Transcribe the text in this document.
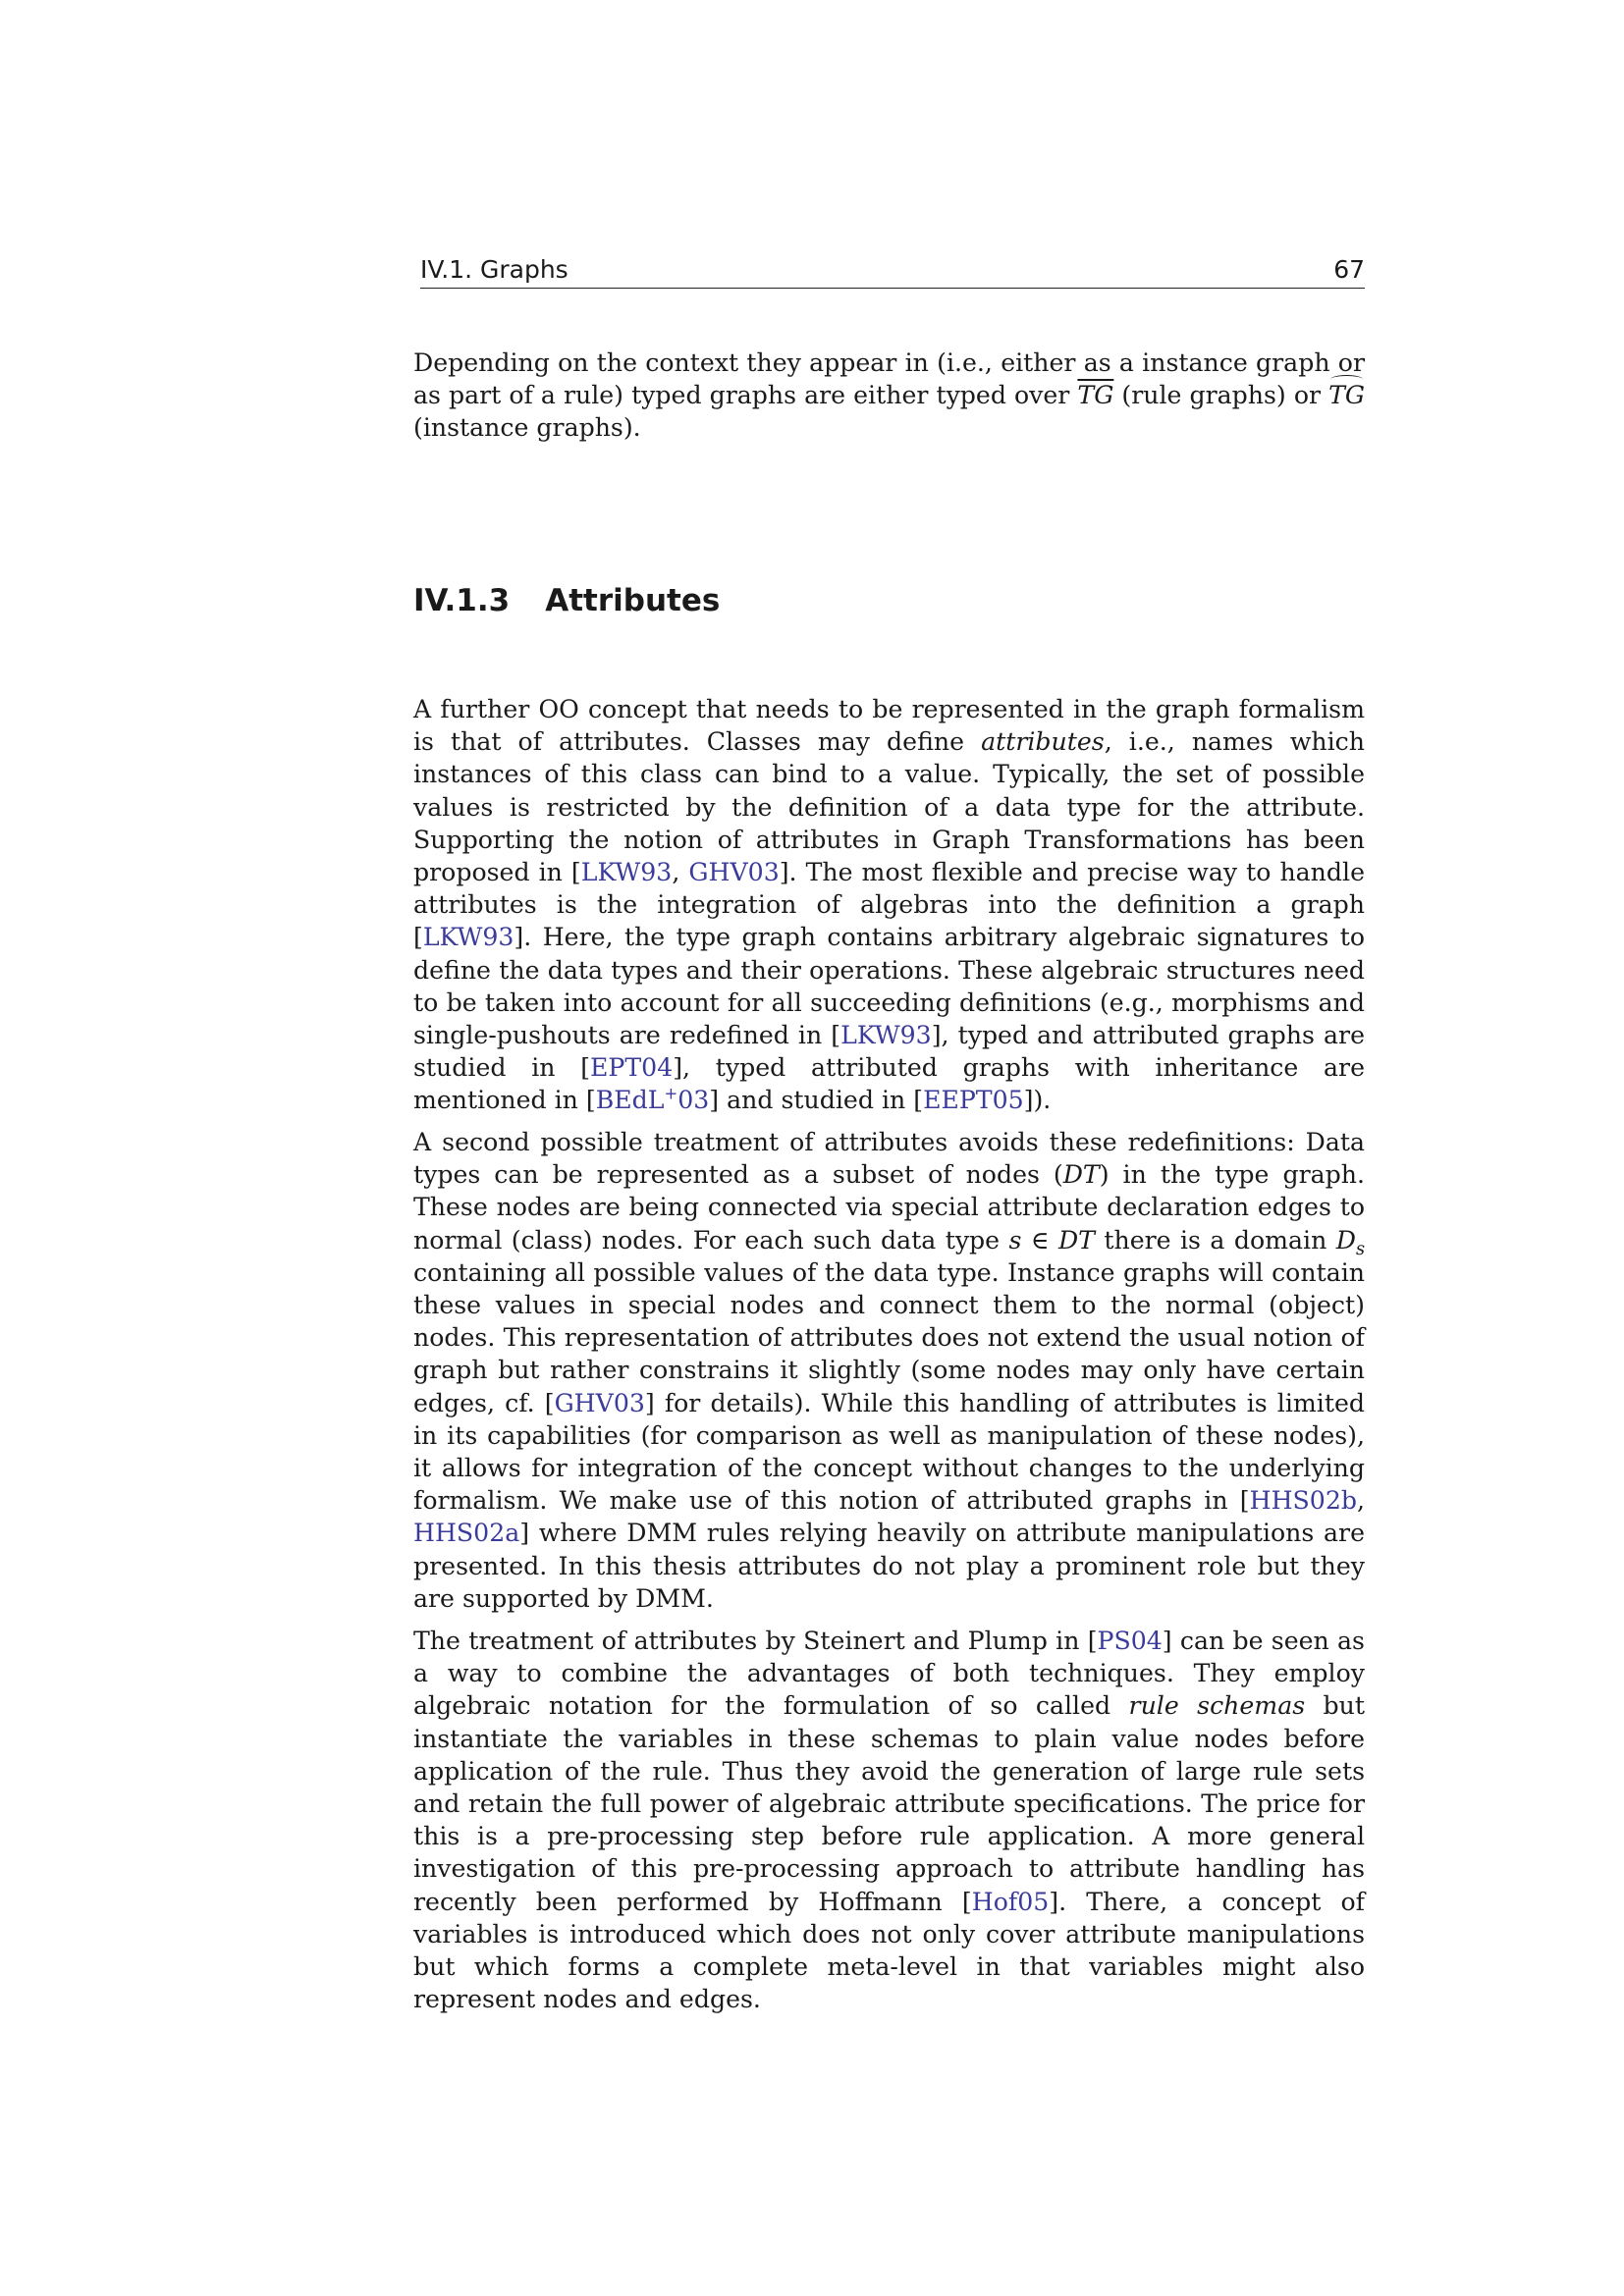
IV.1. Graphs	67

Depending on the context they appear in (i.e., either as a instance graph or as part of a rule) typed graphs are either typed over $\overline{TG}$ (rule graphs) or TG (instance graphs).

IV.1.3 Attributes

A further OO concept that needs to be represented in the graph formalism is that of attributes. Classes may define attributes, i.e., names which instances of this class can bind to a value. Typically, the set of possible values is restricted by the definition of a data type for the attribute. Supporting the notion of attributes in Graph Transformations has been proposed in [LKW93, GHV03]. The most flexible and precise way to handle attributes is the integration of algebras into the definition a graph [LKW93]. Here, the type graph contains arbitrary algebraic signatures to define the data types and their operations. These algebraic structures need to be taken into account for all succeeding definitions (e.g., morphisms and single-pushouts are redefined in [LKW93], typed and attributed graphs are studied in [EPT04], typed attributed graphs with inheritance are mentioned in [BEdL+03] and studied in [EEPT05]).

A second possible treatment of attributes avoids these redefinitions: Data types can be represented as a subset of nodes (DT) in the type graph. These nodes are being connected via special attribute declaration edges to normal (class) nodes. For each such data type s ∈ DT there is a domain $D_s$ containing all possible values of the data type. Instance graphs will contain these values in special nodes and connect them to the normal (object) nodes. This representation of attributes does not extend the usual notion of graph but rather constrains it slightly (some nodes may only have certain edges, cf. [GHV03] for details). While this handling of attributes is limited in its capabilities (for comparison as well as manipulation of these nodes), it allows for integration of the concept without changes to the underlying formalism. We make use of this notion of attributed graphs in [HHS02b, HHS02a] where DMM rules relying heavily on attribute manipulations are presented. In this thesis attributes do not play a prominent role but they are supported by DMM.

The treatment of attributes by Steinert and Plump in [PS04] can be seen as a way to combine the advantages of both techniques. They employ algebraic notation for the formulation of so called rule schemas but instantiate the variables in these schemas to plain value nodes before application of the rule. Thus they avoid the generation of large rule sets and retain the full power of algebraic attribute specifications. The price for this is a pre-processing step before rule application. A more general investigation of this pre-processing approach to attribute handling has recently been performed by Hoffmann [Hof05]. There, a concept of variables is introduced which does not only cover attribute manipulations but which forms a complete meta-level in that variables might also represent nodes and edges.
